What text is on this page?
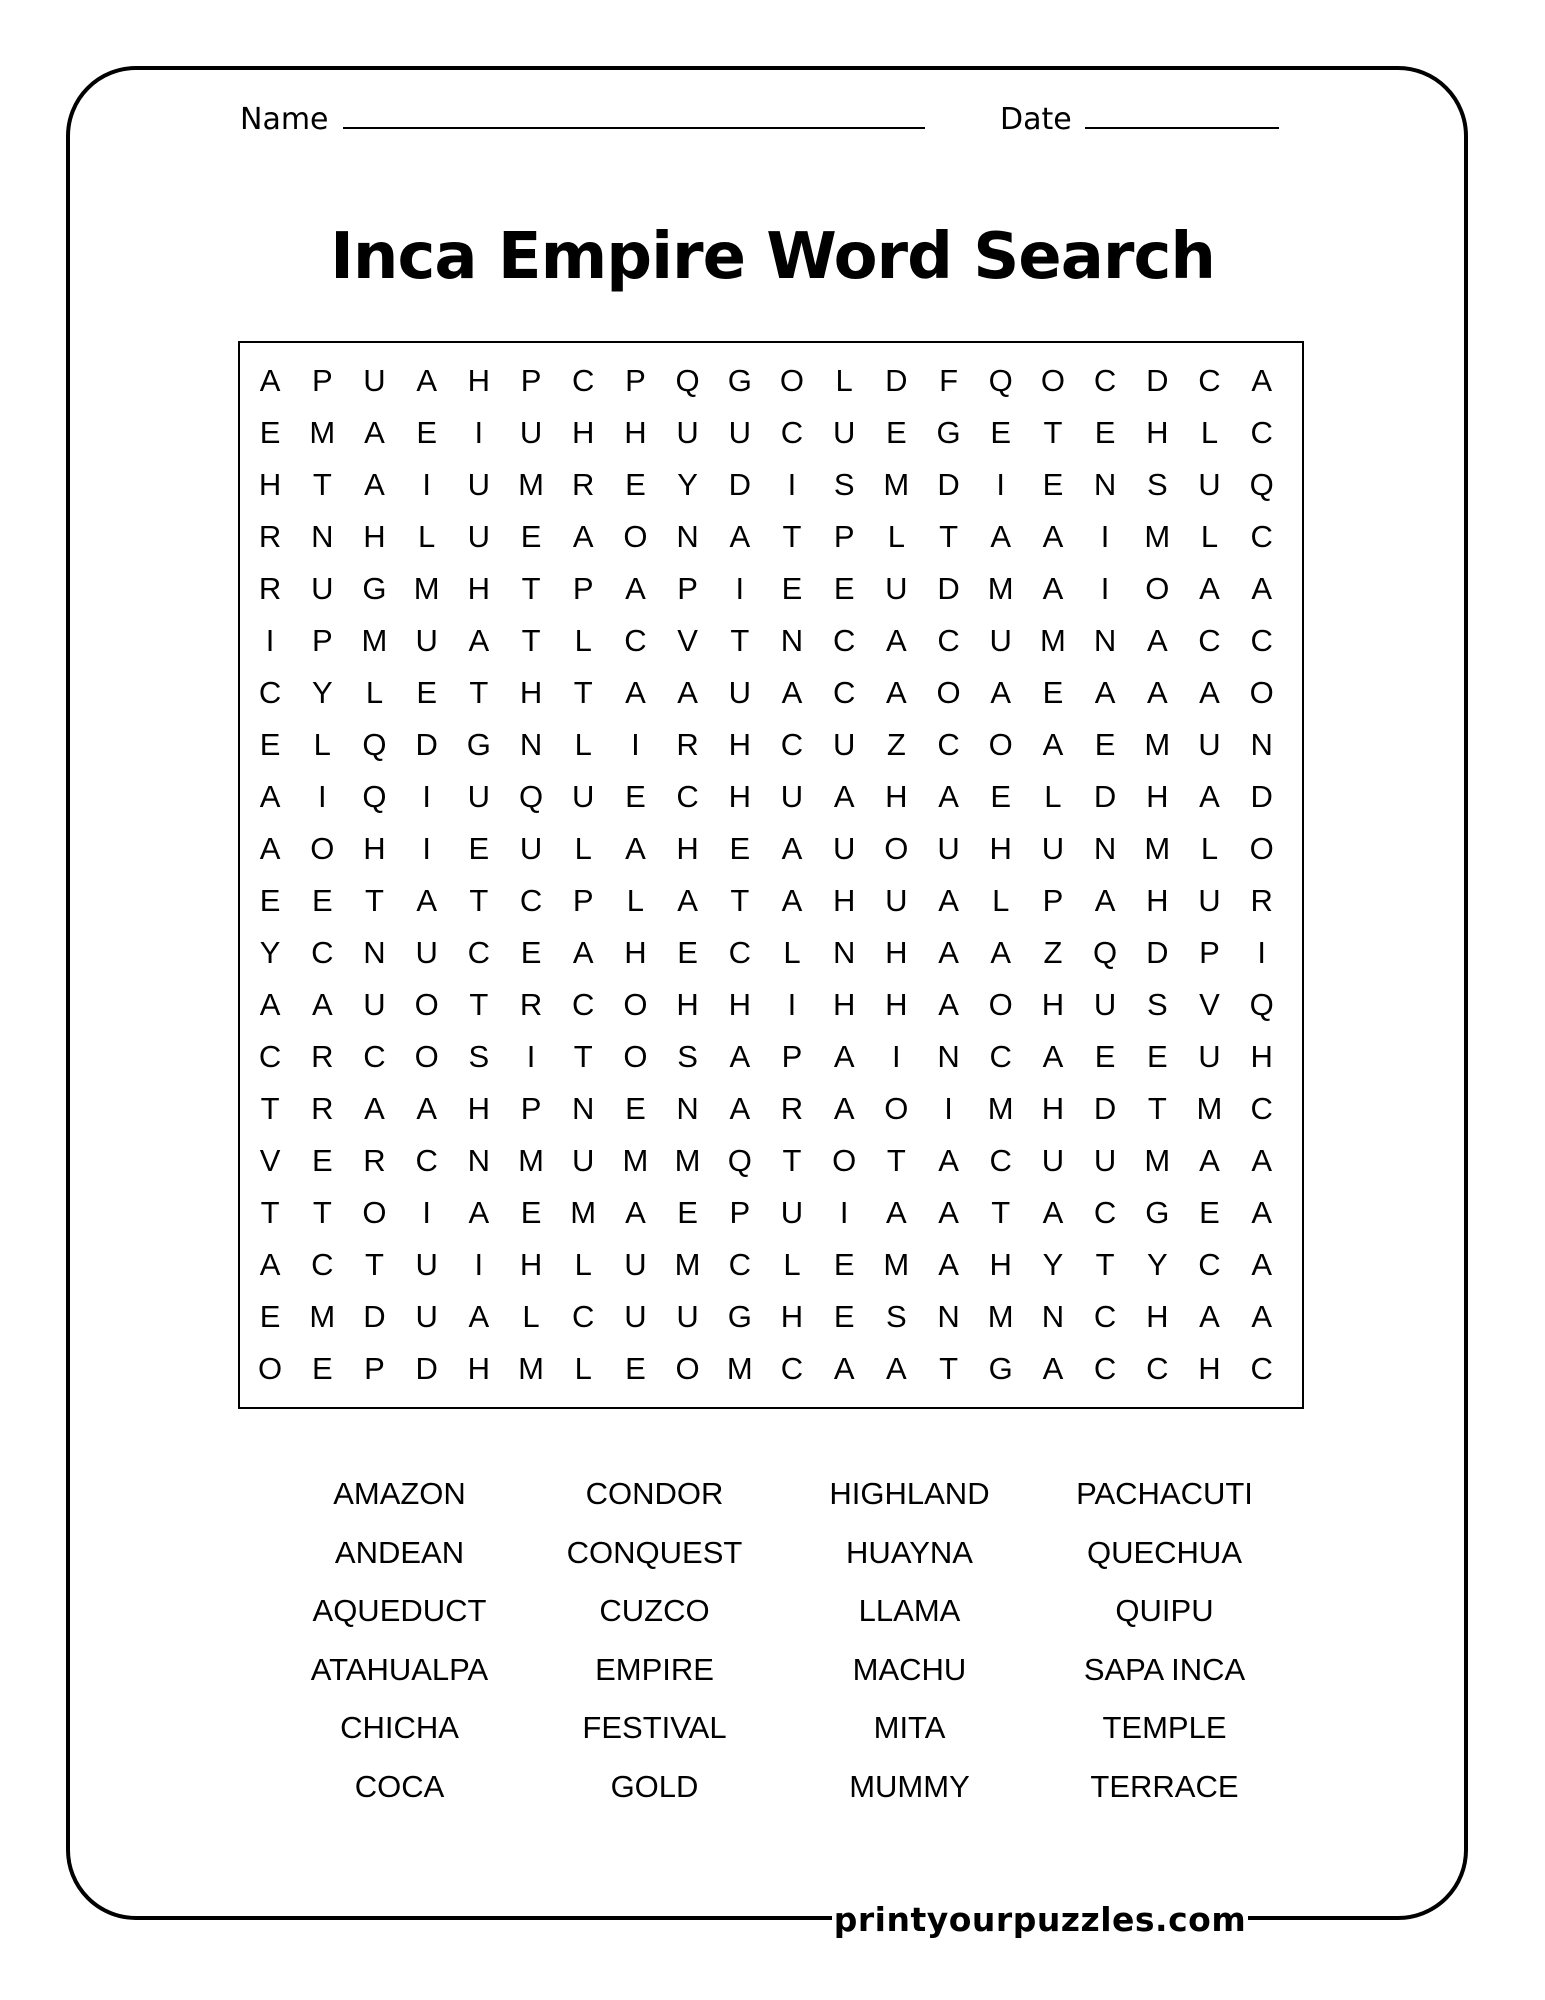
printyourpuzzles.com
Name	Date
Inca Empire Word Search
A	P U A H P C P Q G O	L	D	F Q O C D C A
E M A	E	I	U H H U U C U E G E	T	E H	L	C
H	T	A	I	U M R E	Y D	I	S M D	I	E N S U Q
R N H	L	U E	A O N A	T	P	L	T	A	A	I	M L	C
R U G M H	T	P	A	P	I	E	E U D M A	I	O A	A
I	P M U A	T	L	C V	T	N C A C U M N A C C
C Y	L	E	T	H	T	A	A U A C A O A	E	A	A	A O
E	L	Q D G N	L	I	R H C U	Z	C O A	E M U N
A	I	Q	I	U Q U E C H U A H A	E	L	D H A D
A O H	I	E U	L	A H E	A U O U H U N M L	O
E	E	T	A	T	C P	L	A	T	A H U A	L	P	A H U R
Y C N U C E	A H E C	L	N H A	A	Z Q D P	I
A	A U O T	R C O H H	I	H H A O H U S	V Q
C R C O S	I	T O S	A	P	A	I	N C A	E	E U H
T	R A	A H P N E N A R A O	I	M H D	T M C
V	E R C N M U M M Q T O T	A C U U M A	A
T	T O	I	A	E M A	E	P U	I	A	A	T	A C G E	A
A C	T	U	I	H	L	U M C	L	E M A H Y	T	Y C A
E M D U A	L	C U U G H E	S N M N C H A	A
O E	P D H M L	E O M C A	A	T G A C C H C
AMAZON	CONDOR	HIGHLAND	PACHACUTI
ANDEAN	CONQUEST	HUAYNA	QUECHUA
AQUEDUCT	CUZCO	LLAMA	QUIPU
ATAHUALPA	EMPIRE	MACHU	SAPA INCA
CHICHA	FESTIVAL	MITA	TEMPLE
COCA	GOLD	MUMMY	TERRACE
